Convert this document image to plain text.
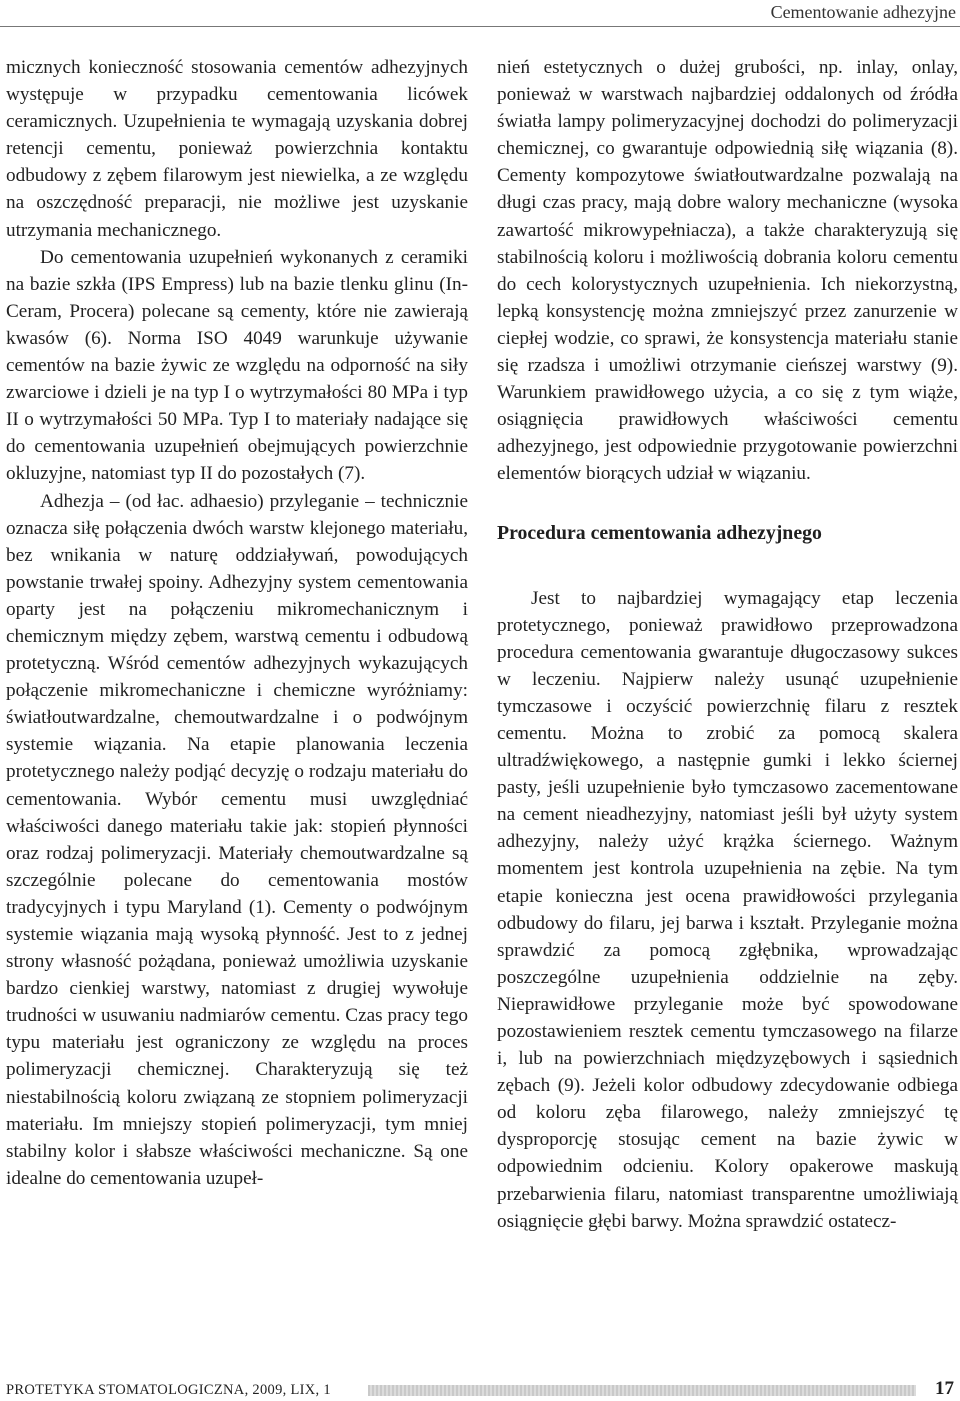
Cementowanie adhezyjne

micznych konieczność stosowania cementów adhezyjnych występuje w przypadku cementowania licówek ceramicznych. Uzupełnienia te wymagają uzyskania dobrej retencji cementu, ponieważ powierzchnia kontaktu odbudowy z zębem filarowym jest niewielka, a ze względu na oszczędność preparacji, nie możliwe jest uzyskanie utrzymania mechanicznego.

Do cementowania uzupełnień wykonanych z ceramiki na bazie szkła (IPS Empress) lub na bazie tlenku glinu (In-Ceram, Procera) polecane są cementy, które nie zawierają kwasów (6). Norma ISO 4049 warunkuje używanie cementów na bazie żywic ze względu na odporność na siły zwarciowe i dzieli je na typ I o wytrzymałości 80 MPa i typ II o wytrzymałości 50 MPa. Typ I to materiały nadające się do cementowania uzupełnień obejmujących powierzchnie okluzyjne, natomiast typ II do pozostałych (7).

Adhezja – (od łac. adhaesio) przyleganie – technicznie oznacza siłę połączenia dwóch warstw klejonego materiału, bez wnikania w naturę oddziaływań, powodujących powstanie trwałej spoiny. Adhezyjny system cementowania oparty jest na połączeniu mikromechanicznym i chemicznym między zębem, warstwą cementu i odbudową protetyczną. Wśród cementów adhezyjnych wykazujących połączenie mikromechaniczne i chemiczne wyróżniamy: światłoutwardzalne, chemoutwardzalne i o podwójnym systemie wiązania. Na etapie planowania leczenia protetycznego należy podjąć decyzję o rodzaju materiału do cementowania. Wybór cementu musi uwzględniać właściwości danego materiału takie jak: stopień płynności oraz rodzaj polimeryzacji. Materiały chemoutwardzalne są szczególnie polecane do cementowania mostów tradycyjnych i typu Maryland (1). Cementy o podwójnym systemie wiązania mają wysoką płynność. Jest to z jednej strony własność pożądana, ponieważ umożliwia uzyskanie bardzo cienkiej warstwy, natomiast z drugiej wywołuje trudności w usuwaniu nadmiarów cementu. Czas pracy tego typu materiału jest ograniczony ze względu na proces polimeryzacji chemicznej. Charakteryzują się też niestabilnością koloru związaną ze stopniem polimeryzacji materiału. Im mniejszy stopień polimeryzacji, tym mniej stabilny kolor i słabsze właściwości mechaniczne. Są one idealne do cementowania uzupeł-

nień estetycznych o dużej grubości, np. inlay, onlay, ponieważ w warstwach najbardziej oddalonych od źródła światła lampy polimeryzacyjnej dochodzi do polimeryzacji chemicznej, co gwarantuje odpowiednią siłę wiązania (8). Cementy kompozytowe światłoutwardzalne pozwalają na długi czas pracy, mają dobre walory mechaniczne (wysoka zawartość mikrowypełniacza), a także charakteryzują się stabilnością koloru i możliwością dobrania koloru cementu do cech kolorystycznych uzupełnienia. Ich niekorzystną, lepką konsystencję można zmniejszyć przez zanurzenie w ciepłej wodzie, co sprawi, że konsystencja materiału stanie się rzadsza i umożliwi otrzymanie cieńszej warstwy (9). Warunkiem prawidłowego użycia, a co się z tym wiąże, osiągnięcia prawidłowych właściwości cementu adhezyjnego, jest odpowiednie przygotowanie powierzchni elementów biorących udział w wiązaniu.

Procedura cementowania adhezyjnego

Jest to najbardziej wymagający etap leczenia protetycznego, ponieważ prawidłowo przeprowadzona procedura cementowania gwarantuje długoczasowy sukces w leczeniu. Najpierw należy usunąć uzupełnienie tymczasowe i oczyścić powierzchnię filaru z resztek cementu. Można to zrobić za pomocą skalera ultradźwiękowego, a następnie gumki i lekko ściernej pasty, jeśli uzupełnienie było tymczasowo zacementowane na cement nieadhezyjny, natomiast jeśli był użyty system adhezyjny, należy użyć krążka ściernego. Ważnym momentem jest kontrola uzupełnienia na zębie. Na tym etapie konieczna jest ocena prawidłowości przylegania odbudowy do filaru, jej barwa i kształt. Przyleganie można sprawdzić za pomocą zgłębnika, wprowadzając poszczególne uzupełnienia oddzielnie na zęby. Nieprawidłowe przyleganie może być spowodowane pozostawieniem resztek cementu tymczasowego na filarze i, lub na powierzchniach międzyzębowych i sąsiednich zębach (9). Jeżeli kolor odbudowy zdecydowanie odbiega od koloru zęba filarowego, należy zmniejszyć tę dysproporcję stosując cement na bazie żywic w odpowiednim odcieniu. Kolory opakerowe maskują przebarwienia filaru, natomiast transparentne umożliwiają osiągnięcie głębi barwy. Można sprawdzić ostatecz-

PROTETYKA STOMATOLOGICZNA, 2009, LIX, 1	17
